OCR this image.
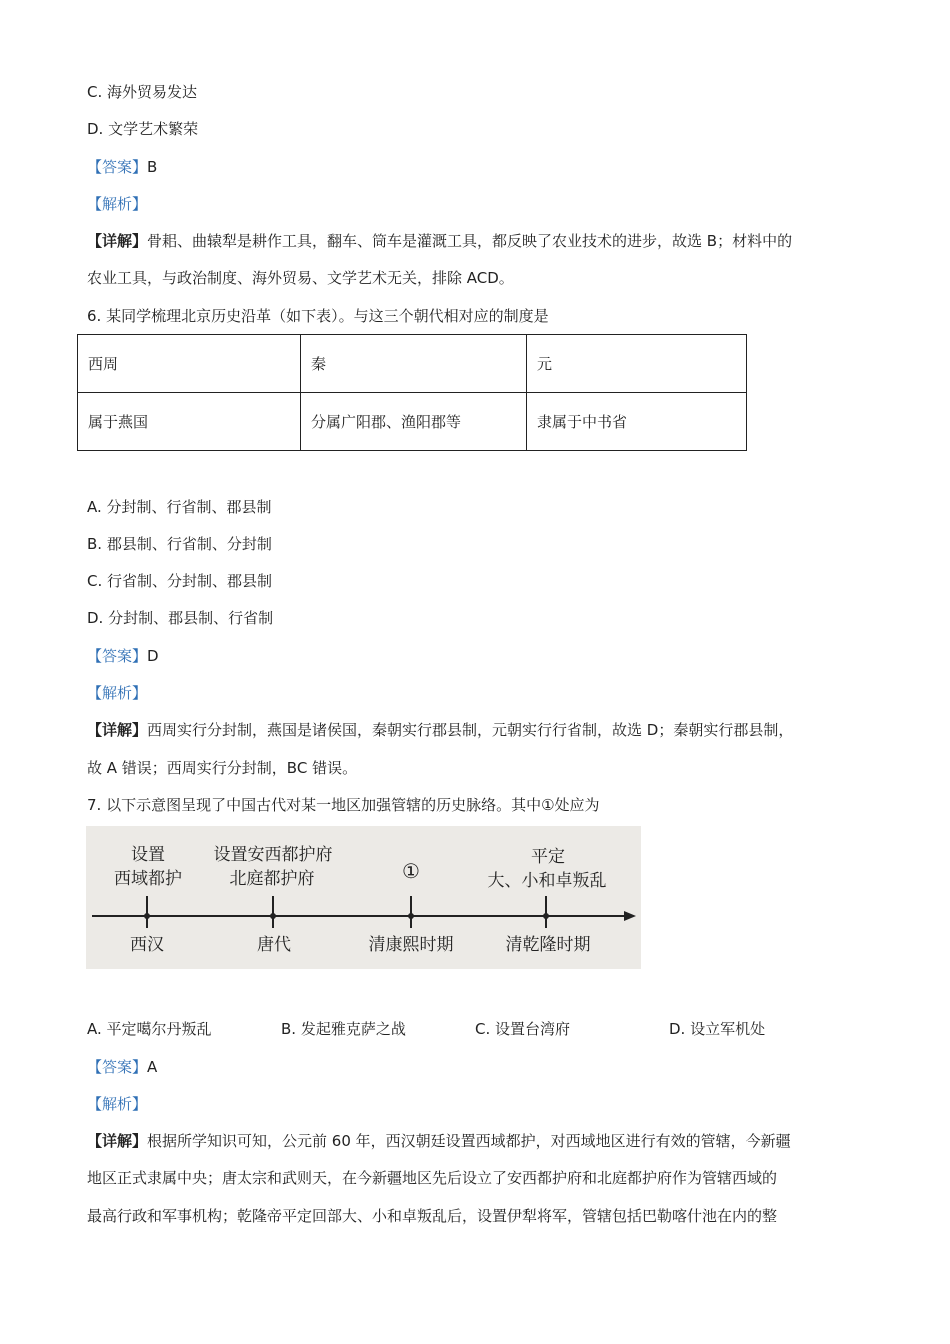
C. 海外贸易发达
D. 文学艺术繁荣
【答案】B
【解析】
【详解】骨耜、曲辕犁是耕作工具，翻车、筒车是灌溉工具，都反映了农业技术的进步，故选 B；材料中的
农业工具，与政治制度、海外贸易、文学艺术无关，排除 ACD。
6. 某同学梳理北京历史沿革（如下表）。与这三个朝代相对应的制度是
西周	秦	元
属于燕国	分属广阳郡、渔阳郡等	隶属于中书省
A. 分封制、行省制、郡县制
B. 郡县制、行省制、分封制
C. 行省制、分封制、郡县制
D. 分封制、郡县制、行省制
【答案】D
【解析】
【详解】西周实行分封制，燕国是诸侯国，秦朝实行郡县制，元朝实行行省制，故选 D；秦朝实行郡县制，
故 A 错误；西周实行分封制，BC 错误。
7. 以下示意图呈现了中国古代对某一地区加强管辖的历史脉络。其中①处应为
设置
西域都护
西汉
设置安西都护府
北庭都护府
唐代
①
清康熙时期
平定
大、小和卓叛乱
清乾隆时期
A. 平定噶尔丹叛乱	B. 发起雅克萨之战	C. 设置台湾府	D. 设立军机处
【答案】A
【解析】
【详解】根据所学知识可知，公元前 60 年，西汉朝廷设置西域都护，对西域地区进行有效的管辖，今新疆
地区正式隶属中央；唐太宗和武则天，在今新疆地区先后设立了安西都护府和北庭都护府作为管辖西域的
最高行政和军事机构；乾隆帝平定回部大、小和卓叛乱后，设置伊犁将军，管辖包括巴勒喀什池在内的整
